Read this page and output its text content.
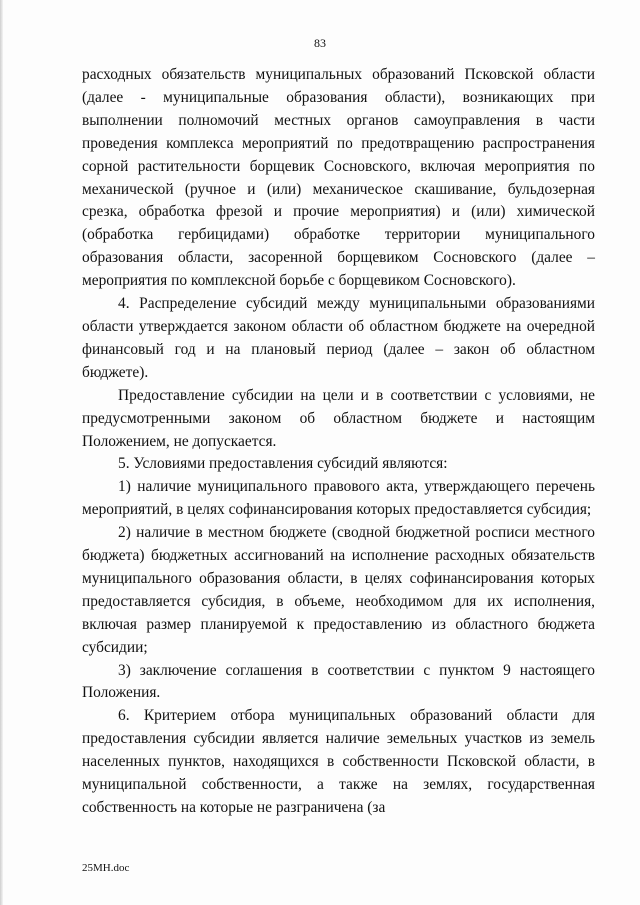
83

расходных обязательств муниципальных образований Псковской области (далее - муниципальные образования области), возникающих при выполнении полномочий местных органов самоуправления в части проведения комплекса мероприятий по предотвращению распространения сорной растительности борщевик Сосновского, включая мероприятия по механической (ручное и (или) механическое скашивание, бульдозерная срезка, обработка фрезой и прочие мероприятия) и (или) химической (обработка гербицидами) обработке территории муниципального образования области, засоренной борщевиком Сосновского (далее – мероприятия по комплексной борьбе с борщевиком Сосновского).

4. Распределение субсидий между муниципальными образованиями области утверждается законом области об областном бюджете на очередной финансовый год и на плановый период (далее – закон об областном бюджете).

Предоставление субсидии на цели и в соответствии с условиями, не предусмотренными законом об областном бюджете и настоящим Положением, не допускается.

5. Условиями предоставления субсидий являются:

1) наличие муниципального правового акта, утверждающего перечень мероприятий, в целях софинансирования которых предоставляется субсидия;

2) наличие в местном бюджете (сводной бюджетной росписи местного бюджета) бюджетных ассигнований на исполнение расходных обязательств муниципального образования области, в целях софинансирования которых предоставляется субсидия, в объеме, необходимом для их исполнения, включая размер планируемой к предоставлению из областного бюджета субсидии;

3) заключение соглашения в соответствии с пунктом 9 настоящего Положения.

6. Критерием отбора муниципальных образований области для предоставления субсидии является наличие земельных участков из земель населенных пунктов, находящихся в собственности Псковской области, в муниципальной собственности, а также на землях, государственная собственность на которые не разграничена (за

25МН.doc
